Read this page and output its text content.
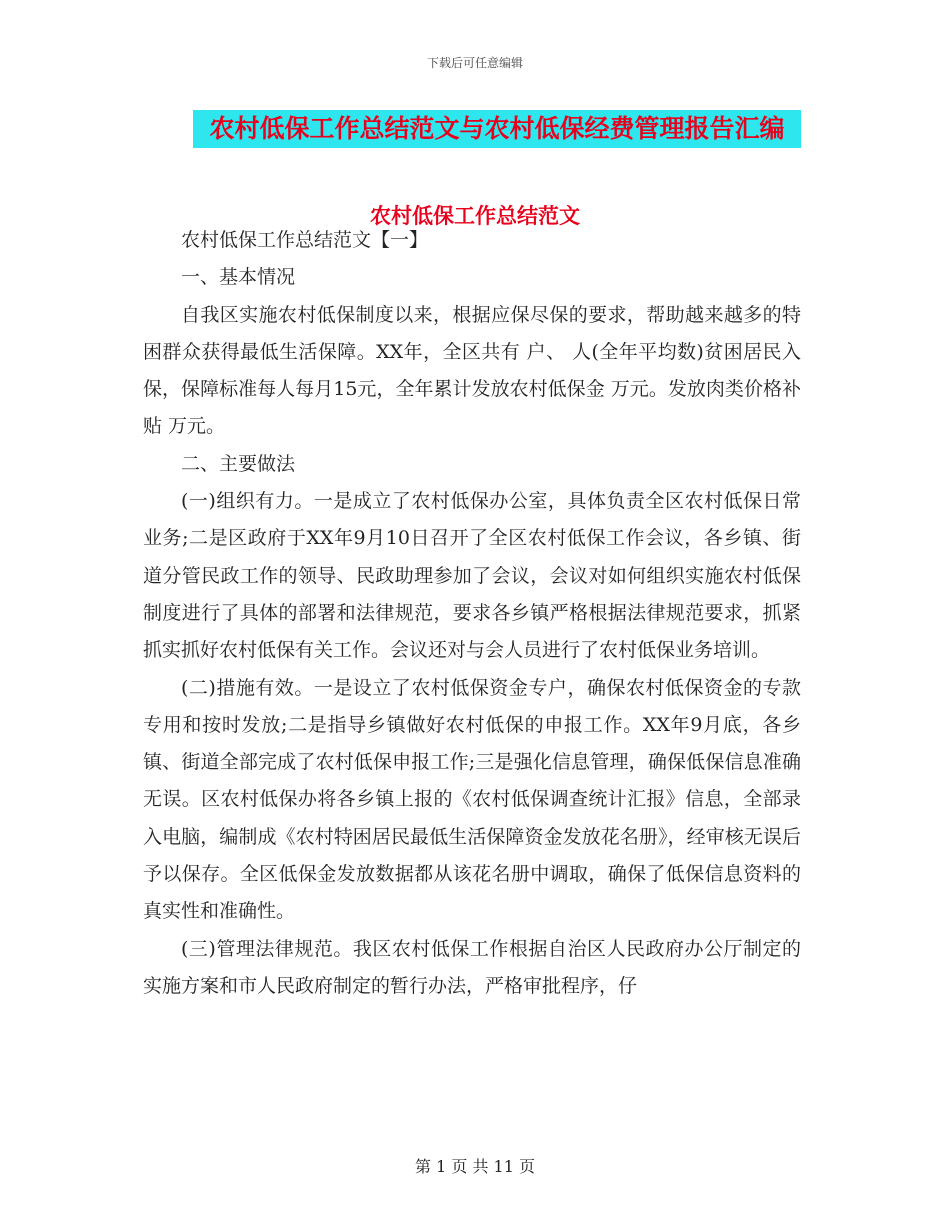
下载后可任意编辑
农村低保工作总结范文与农村低保经费管理报告汇编
农村低保工作总结范文

农村低保工作总结范文【一】

一、基本情况

自我区实施农村低保制度以来，根据应保尽保的要求，帮助越来越多的特困群众获得最低生活保障。XX年，全区共有 户、 人(全年平均数)贫困居民入保，保障标准每人每月15元，全年累计发放农村低保金 万元。发放肉类价格补贴 万元。

二、主要做法

(一)组织有力。一是成立了农村低保办公室，具体负责全区农村低保日常业务;二是区政府于XX年9月10日召开了全区农村低保工作会议，各乡镇、街道分管民政工作的领导、民政助理参加了会议，会议对如何组织实施农村低保制度进行了具体的部署和法律规范，要求各乡镇严格根据法律规范要求，抓紧抓实抓好农村低保有关工作。会议还对与会人员进行了农村低保业务培训。

(二)措施有效。一是设立了农村低保资金专户，确保农村低保资金的专款专用和按时发放;二是指导乡镇做好农村低保的申报工作。XX年9月底，各乡镇、街道全部完成了农村低保申报工作;三是强化信息管理，确保低保信息准确无误。区农村低保办将各乡镇上报的《农村低保调查统计汇报》信息，全部录入电脑，编制成《农村特困居民最低生活保障资金发放花名册》，经审核无误后予以保存。全区低保金发放数据都从该花名册中调取，确保了低保信息资料的真实性和准确性。

(三)管理法律规范。我区农村低保工作根据自治区人民政府办公厅制定的实施方案和市人民政府制定的暂行办法，严格审批程序，仔

第 1 页 共 11 页
